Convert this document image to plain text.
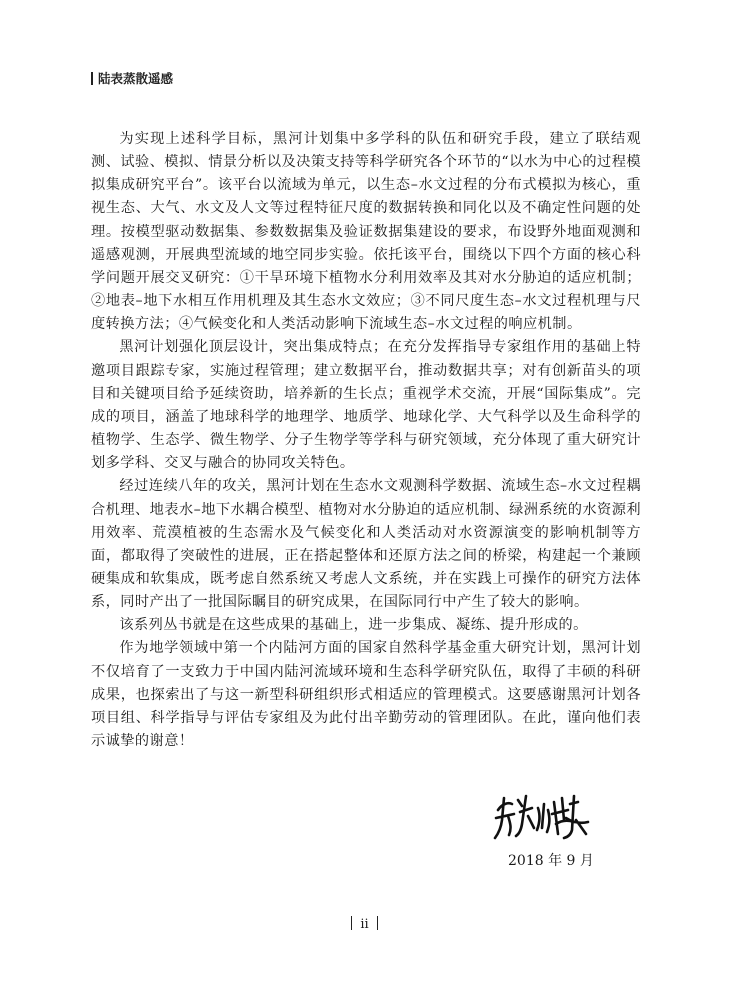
陆表蒸散遥感

为实现上述科学目标，黑河计划集中多学科的队伍和研究手段，建立了联结观测、试验、模拟、情景分析以及决策支持等科学研究各个环节的“以水为中心的过程模拟集成研究平台”。该平台以流域为单元，以生态–水文过程的分布式模拟为核心，重视生态、大气、水文及人文等过程特征尺度的数据转换和同化以及不确定性问题的处理。按模型驱动数据集、参数数据集及验证数据集建设的要求，布设野外地面观测和遥感观测，开展典型流域的地空同步实验。依托该平台，围绕以下四个方面的核心科学问题开展交叉研究：①干旱环境下植物水分利用效率及其对水分胁迫的适应机制；②地表–地下水相互作用机理及其生态水文效应；③不同尺度生态–水文过程机理与尺度转换方法；④气候变化和人类活动影响下流域生态–水文过程的响应机制。

黑河计划强化顶层设计，突出集成特点；在充分发挥指导专家组作用的基础上特邀项目跟踪专家，实施过程管理；建立数据平台，推动数据共享；对有创新苗头的项目和关键项目给予延续资助，培养新的生长点；重视学术交流，开展“国际集成”。完成的项目，涵盖了地球科学的地理学、地质学、地球化学、大气科学以及生命科学的植物学、生态学、微生物学、分子生物学等学科与研究领域，充分体现了重大研究计划多学科、交叉与融合的协同攻关特色。

经过连续八年的攻关，黑河计划在生态水文观测科学数据、流域生态–水文过程耦合机理、地表水–地下水耦合模型、植物对水分胁迫的适应机制、绿洲系统的水资源利用效率、荒漠植被的生态需水及气候变化和人类活动对水资源演变的影响机制等方面，都取得了突破性的进展，正在搭起整体和还原方法之间的桥梁，构建起一个兼顾硬集成和软集成，既考虑自然系统又考虑人文系统，并在实践上可操作的研究方法体系，同时产出了一批国际瞩目的研究成果，在国际同行中产生了较大的影响。

该系列丛书就是在这些成果的基础上，进一步集成、凝练、提升形成的。

作为地学领域中第一个内陆河方面的国家自然科学基金重大研究计划，黑河计划不仅培育了一支致力于中国内陆河流域环境和生态科学研究队伍，取得了丰硕的科研成果，也探索出了与这一新型科研组织形式相适应的管理模式。这要感谢黑河计划各项目组、科学指导与评估专家组及为此付出辛勤劳动的管理团队。在此，谨向他们表示诚挚的谢意！

2018 年 9 月
ii
